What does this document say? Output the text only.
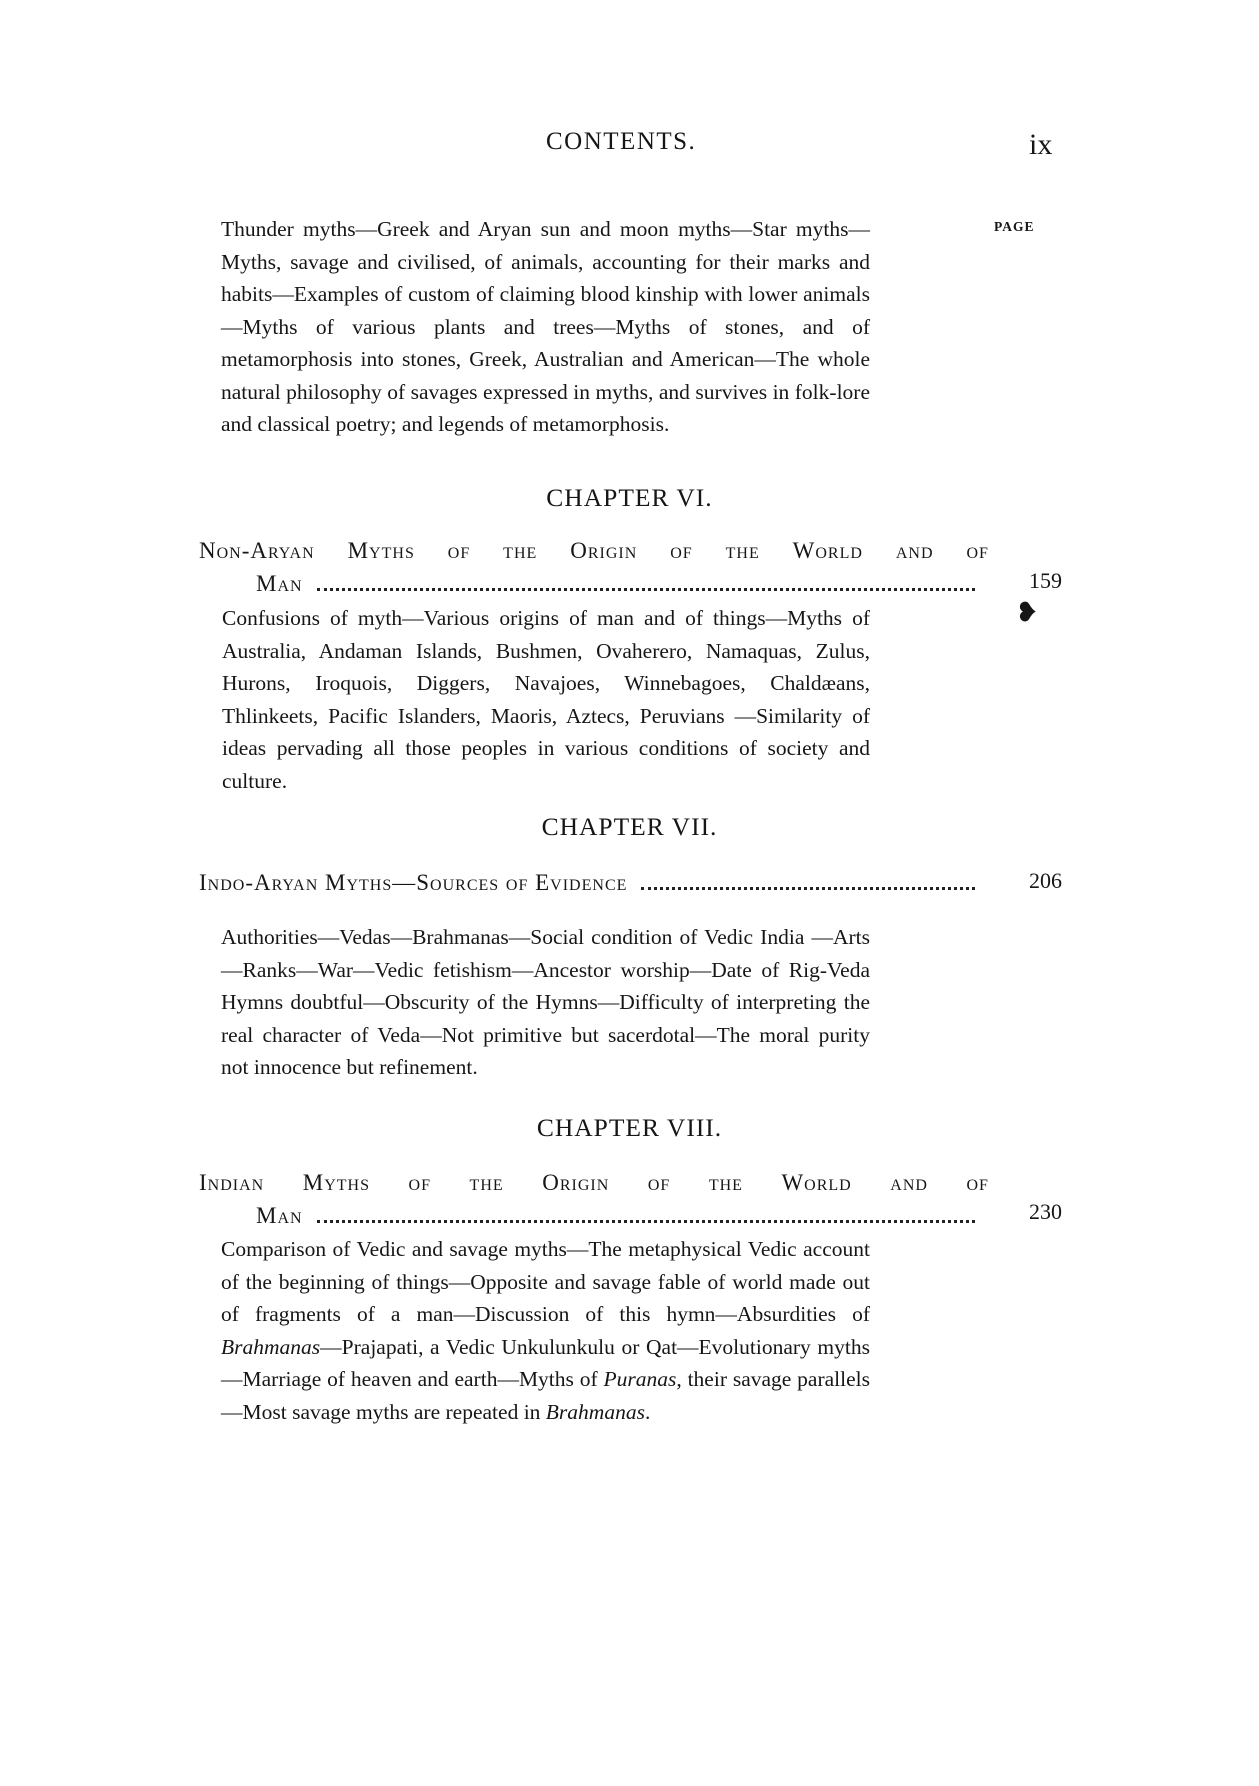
CONTENTS.	ix
PAGE

Thunder myths—Greek and Aryan sun and moon myths—Star myths—Myths, savage and civilised, of animals, accounting for their marks and habits—Examples of custom of claiming blood kinship with lower animals—Myths of various plants and trees—Myths of stones, and of metamorphosis into stones, Greek, Australian and American—The whole natural philosophy of savages expressed in myths, and survives in folk-lore and classical poetry; and legends of metamorphosis.

CHAPTER VI.
Non-Aryan Myths of the Origin of the World and of
Man	159
❥

Confusions of myth—Various origins of man and of things—Myths of Australia, Andaman Islands, Bushmen, Ovaherero, Namaquas, Zulus, Hurons, Iroquois, Diggers, Navajoes, Winnebagoes, Chaldæans, Thlinkeets, Pacific Islanders, Maoris, Aztecs, Peruvians —Similarity of ideas pervading all those peoples in various conditions of society and culture.

CHAPTER VII.
Indo-Aryan Myths—Sources of Evidence	206

Authorities—Vedas—Brahmanas—Social condition of Vedic India —Arts—Ranks—War—Vedic fetishism—Ancestor worship—Date of Rig-Veda Hymns doubtful—Obscurity of the Hymns—Difficulty of interpreting the real character of Veda—Not primitive but sacerdotal—The moral purity not innocence but refinement.

CHAPTER VIII.
Indian Myths of the Origin of the World and of
Man	230

Comparison of Vedic and savage myths—The metaphysical Vedic account of the beginning of things—Opposite and savage fable of world made out of fragments of a man—Discussion of this hymn—Absurdities of Brahmanas—Prajapati, a Vedic Unkulunkulu or Qat—Evolutionary myths—Marriage of heaven and earth—Myths of Puranas, their savage parallels—Most savage myths are repeated in Brahmanas.
